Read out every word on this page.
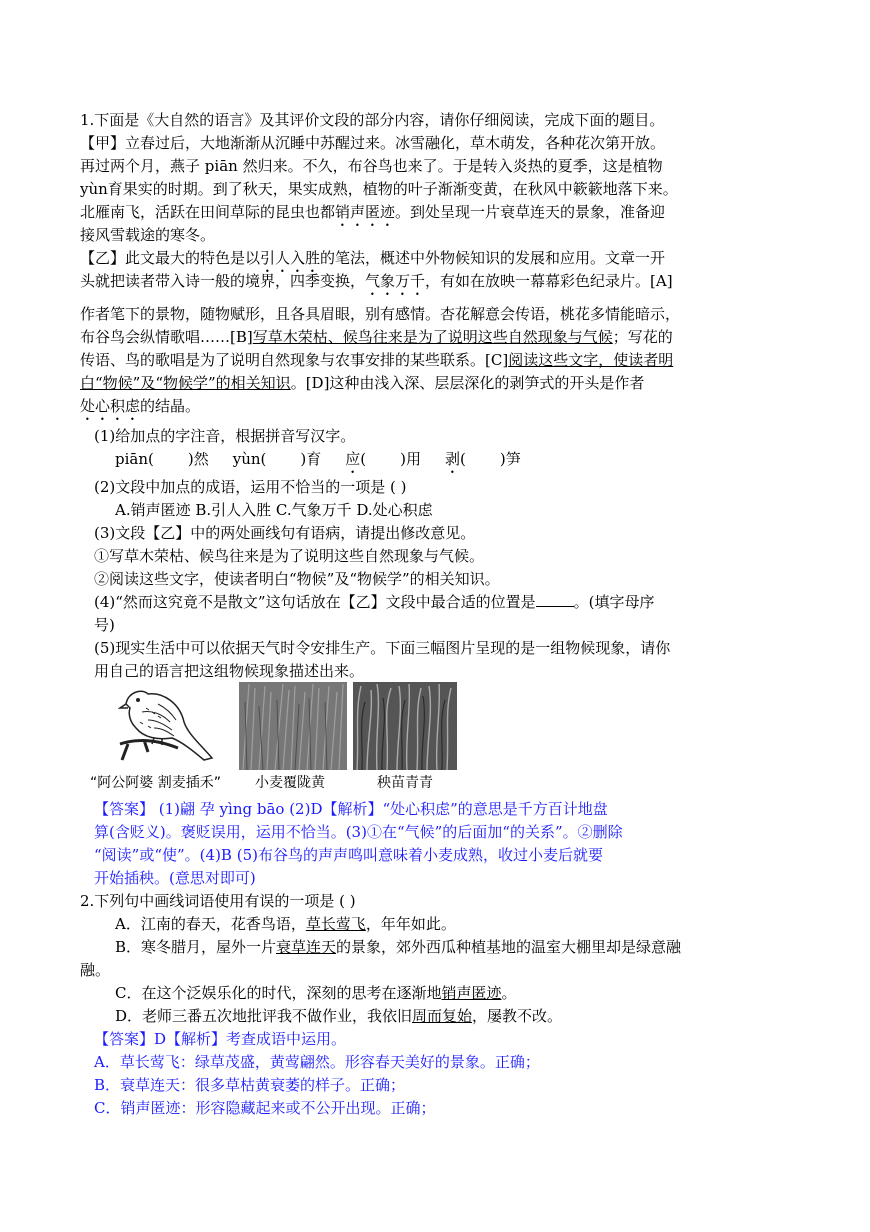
1.下面是《大自然的语言》及其评价文段的部分内容，请你仔细阅读，完成下面的题目。
【甲】立春过后，大地渐渐从沉睡中苏醒过来。冰雪融化，草木萌发，各种花次第开放。
再过两个月，燕子 piān 然归来。不久，布谷鸟也来了。于是转入炎热的夏季，这是植物
yùn育果实的时期。到了秋天，果实成熟，植物的叶子渐渐变黄，在秋风中簌簌地落下来。
北雁南飞，活跃在田间草际的昆虫也都销声匿迹。到处呈现一片衰草连天的景象，准备迎
接风雪载途的寒冬。
【乙】此文最大的特色是以引人入胜的笔法，概述中外物候知识的发展和应用。文章一开
头就把读者带入诗一般的境界，四季变换，气象万千，有如在放映一幕幕彩色纪录片。[A]
作者笔下的景物，随物赋形，且各具眉眼，别有感情。杏花解意会传语，桃花多情能暗示，
布谷鸟会纵情歌唱……[B]写草木荣枯、候鸟往来是为了说明这些自然现象与气候；写花的
传语、鸟的歌唱是为了说明自然现象与农事安排的某些联系。[C]阅读这些文字，使读者明
白“物候”及“物候学”的相关知识。[D]这种由浅入深、层层深化的剥笋式的开头是作者
处心积虑的结晶。
(1)给加点的字注音，根据拼音写汉字。
piān( )然 yùn( )育 应( )用 剥( )笋
(2)文段中加点的成语，运用不恰当的一项是 ( )
A.销声匿迹 B.引人入胜 C.气象万千 D.处心积虑
(3)文段【乙】中的两处画线句有语病，请提出修改意见。
①写草木荣枯、候鸟往来是为了说明这些自然现象与气候。
②阅读这些文字，使读者明白“物候”及“物候学”的相关知识。
(4)“然而这究竟不是散文”这句话放在【乙】文段中最合适的位置是	。(填字母序
号)
(5)现实生活中可以依据天气时令安排生产。下面三幅图片呈现的是一组物候现象，请你
用自己的语言把这组物候现象描述出来。
“阿公阿婆 割麦插禾” 小麦覆陇黄	秧苗青青
【答案】 (1)翩 孕 yìng bāo (2)D【解析】“处心积虑”的意思是千方百计地盘
算(含贬义)。褒贬误用，运用不恰当。(3)①在“气候”的后面加“的关系”。②删除
“阅读”或“使”。(4)B (5)布谷鸟的声声鸣叫意味着小麦成熟，收过小麦后就要
开始插秧。(意思对即可)
2.下列句中画线词语使用有误的一项是 ( )
A．江南的春天，花香鸟语，草长莺飞，年年如此。
B．寒冬腊月，屋外一片衰草连天的景象，郊外西瓜种植基地的温室大棚里却是绿意融
融。
C．在这个泛娱乐化的时代，深刻的思考在逐渐地销声匿迹。
D．老师三番五次地批评我不做作业，我依旧周而复始，屡教不改。
【答案】D【解析】考查成语中运用。
A．草长莺飞：绿草茂盛，黄莺翩然。形容春天美好的景象。正确；
B．衰草连天：很多草枯黄衰萎的样子。正确；
C．销声匿迹：形容隐藏起来或不公开出现。正确；
